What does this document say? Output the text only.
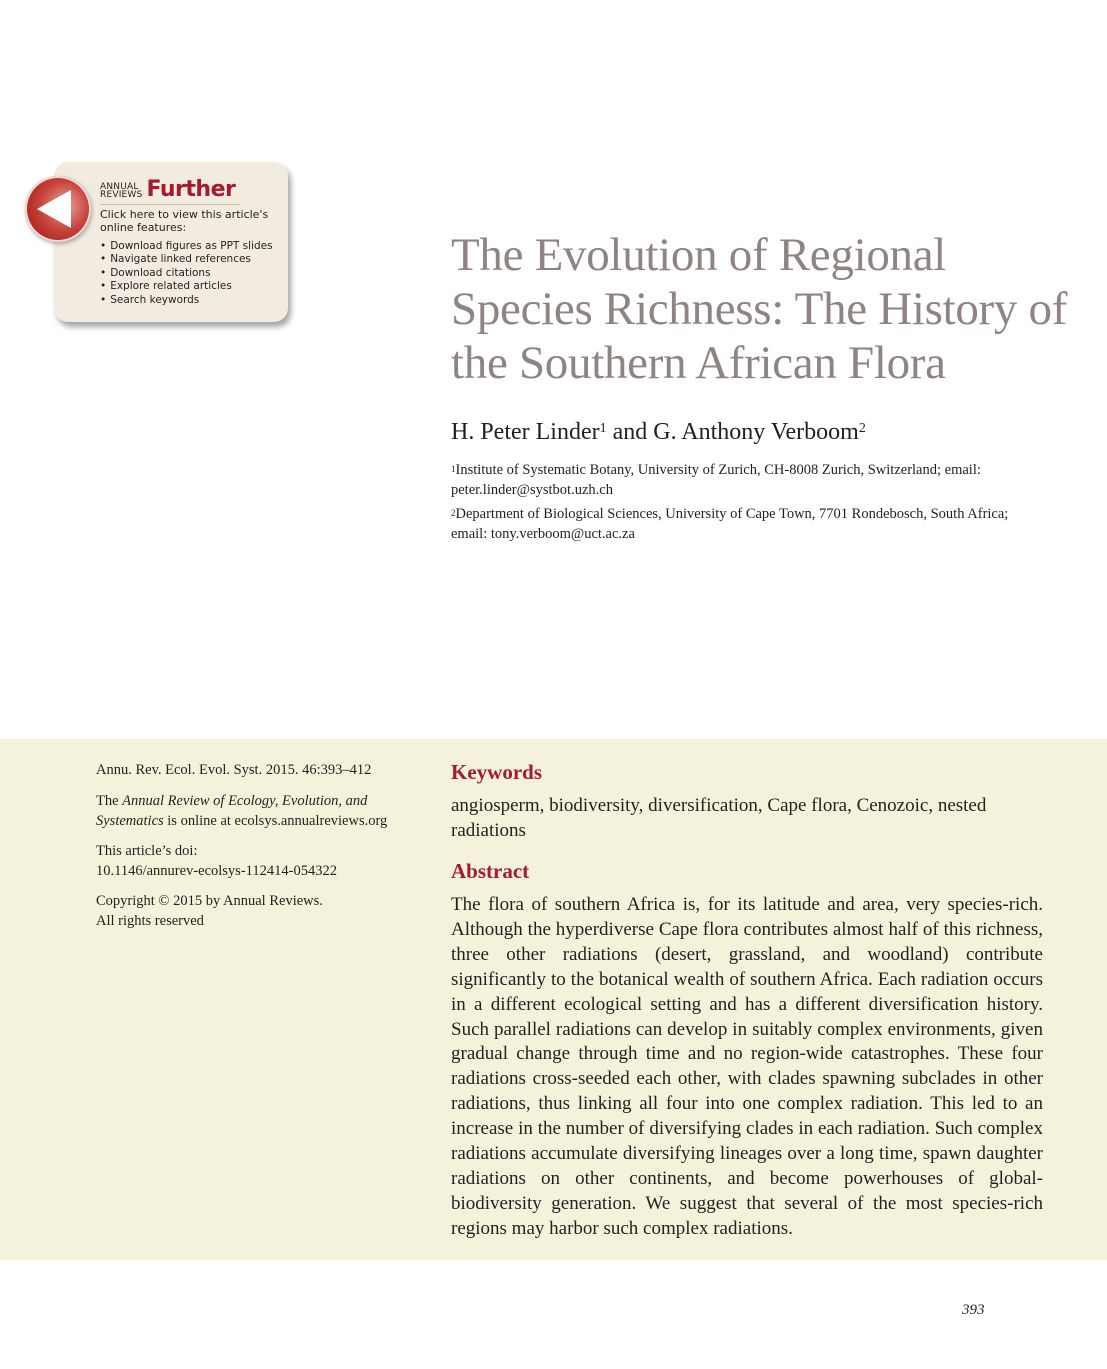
ANNUAL
REVIEWS Further
Click here to view this article's online features:
• Download figures as PPT slides
• Navigate linked references
• Download citations
• Explore related articles
• Search keywords
The Evolution of Regional Species Richness: The History of the Southern African Flora
H. Peter Linder$^1$ and G. Anthony Verboom$^2$
$^1$Institute of Systematic Botany, University of Zurich, CH-8008 Zurich, Switzerland; email: peter.linder@systbot.uzh.ch
$^2$Department of Biological Sciences, University of Cape Town, 7701 Rondebosch, South Africa; email: tony.verboom@uct.ac.za
Annu. Rev. Ecol. Evol. Syst. 2015. 46:393–412
The Annual Review of Ecology, Evolution, and Systematics is online at ecolsys.annualreviews.org
This article’s doi:
10.1146/annurev-ecolsys-112414-054322
Copyright © 2015 by Annual Reviews.
All rights reserved
Keywords

angiosperm, biodiversity, diversification, Cape flora, Cenozoic, nested radiations

Abstract

The flora of southern Africa is, for its latitude and area, very species-rich. Although the hyperdiverse Cape flora contributes almost half of this richness, three other radiations (desert, grassland, and woodland) contribute significantly to the botanical wealth of southern Africa. Each radiation occurs in a different ecological setting and has a different diversification history. Such parallel radiations can develop in suitably complex environments, given gradual change through time and no region-wide catastrophes. These four radiations cross-seeded each other, with clades spawning subclades in other radiations, thus linking all four into one complex radiation. This led to an increase in the number of diversifying clades in each radiation. Such complex radiations accumulate diversifying lineages over a long time, spawn daughter radiations on other continents, and become powerhouses of global-biodiversity generation. We suggest that several of the most species-rich regions may harbor such complex radiations.

393
